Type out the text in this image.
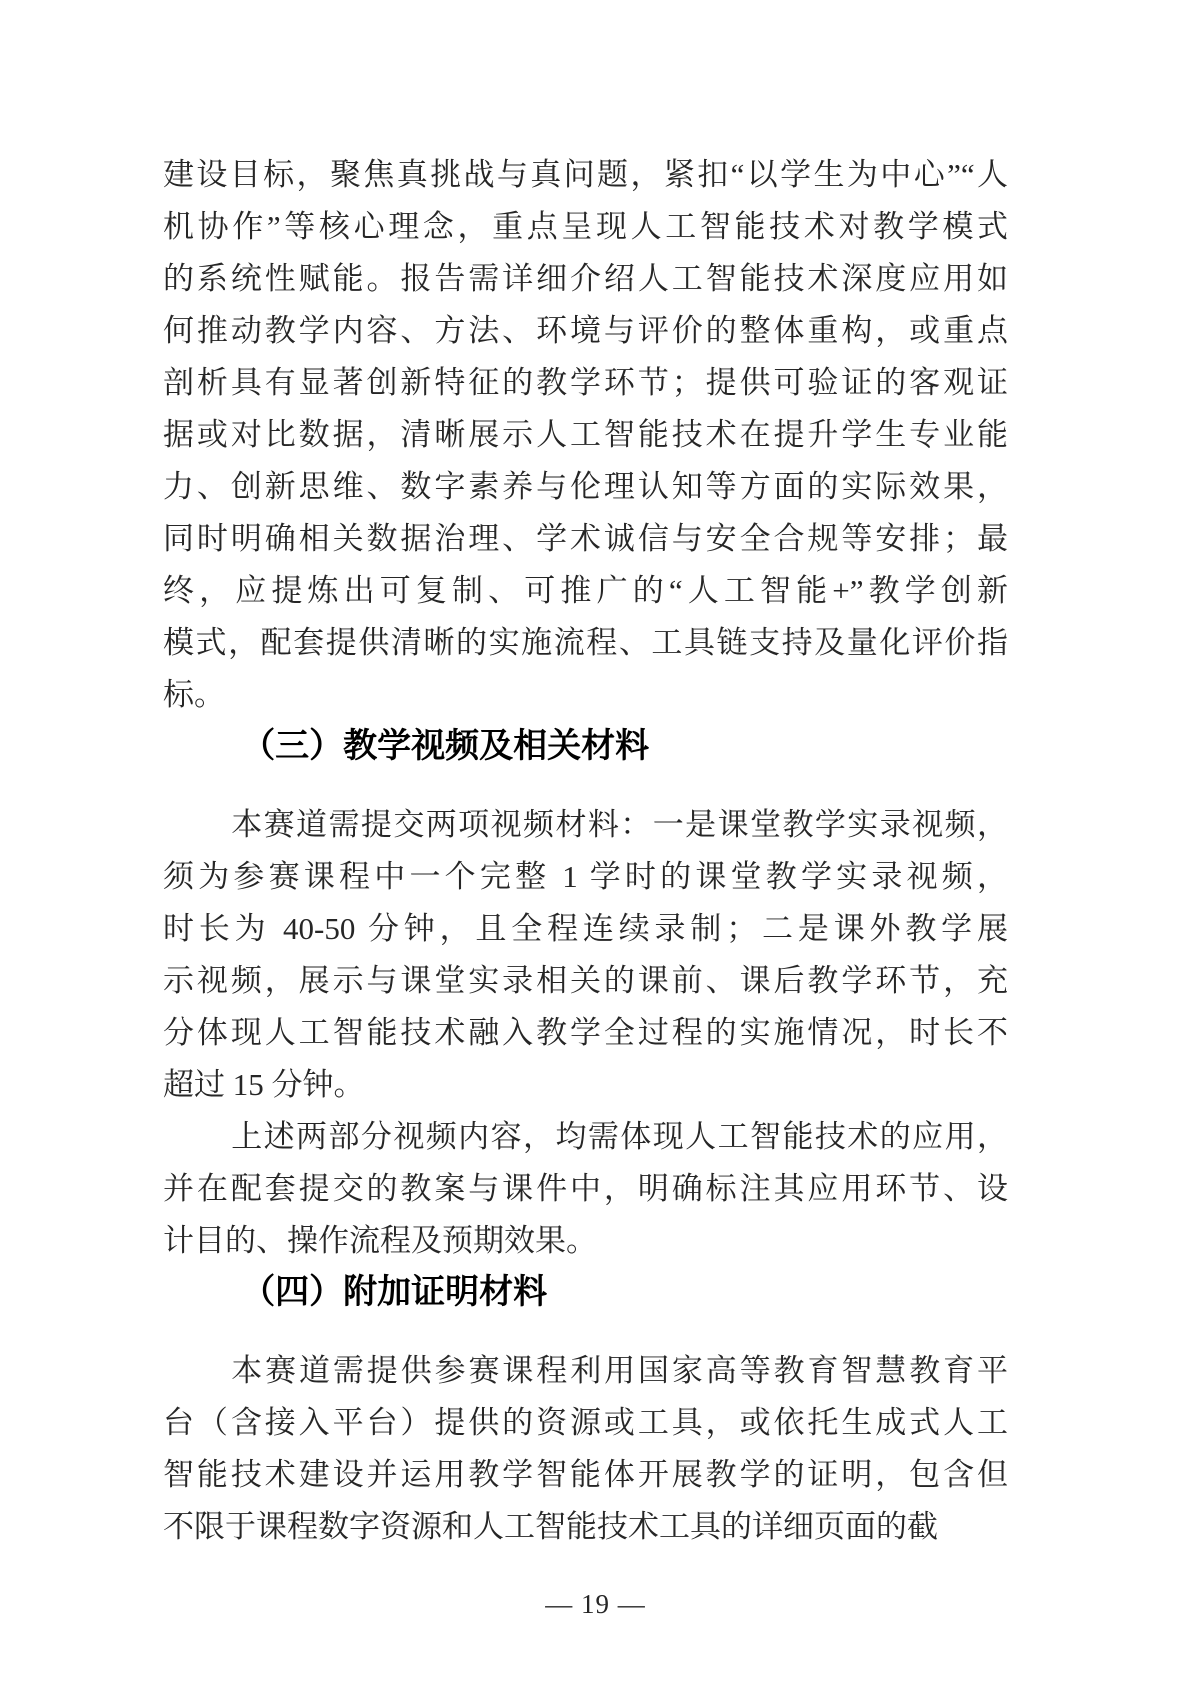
建设目标，聚焦真挑战与真问题，紧扣“以学生为中心”“人
机协作”等核心理念，重点呈现人工智能技术对教学模式
的系统性赋能。报告需详细介绍人工智能技术深度应用如
何推动教学内容、方法、环境与评价的整体重构，或重点
剖析具有显著创新特征的教学环节；提供可验证的客观证
据或对比数据，清晰展示人工智能技术在提升学生专业能
力、创新思维、数字素养与伦理认知等方面的实际效果，
同时明确相关数据治理、学术诚信与安全合规等安排；最
终，应提炼出可复制、可推广的“人工智能+”教学创新
模式，配套提供清晰的实施流程、工具链支持及量化评价指
标。

（三）教学视频及相关材料

本赛道需提交两项视频材料：一是课堂教学实录视频，
须为参赛课程中一个完整 1 学时的课堂教学实录视频，
时长为 40-50 分钟，且全程连续录制；二是课外教学展
示视频，展示与课堂实录相关的课前、课后教学环节，充
分体现人工智能技术融入教学全过程的实施情况，时长不
超过 15 分钟。

上述两部分视频内容，均需体现人工智能技术的应用，
并在配套提交的教案与课件中，明确标注其应用环节、设
计目的、操作流程及预期效果。

（四）附加证明材料

本赛道需提供参赛课程利用国家高等教育智慧教育平
台（含接入平台）提供的资源或工具，或依托生成式人工
智能技术建设并运用教学智能体开展教学的证明，包含但
不限于课程数字资源和人工智能技术工具的详细页面的截

— 19 —
